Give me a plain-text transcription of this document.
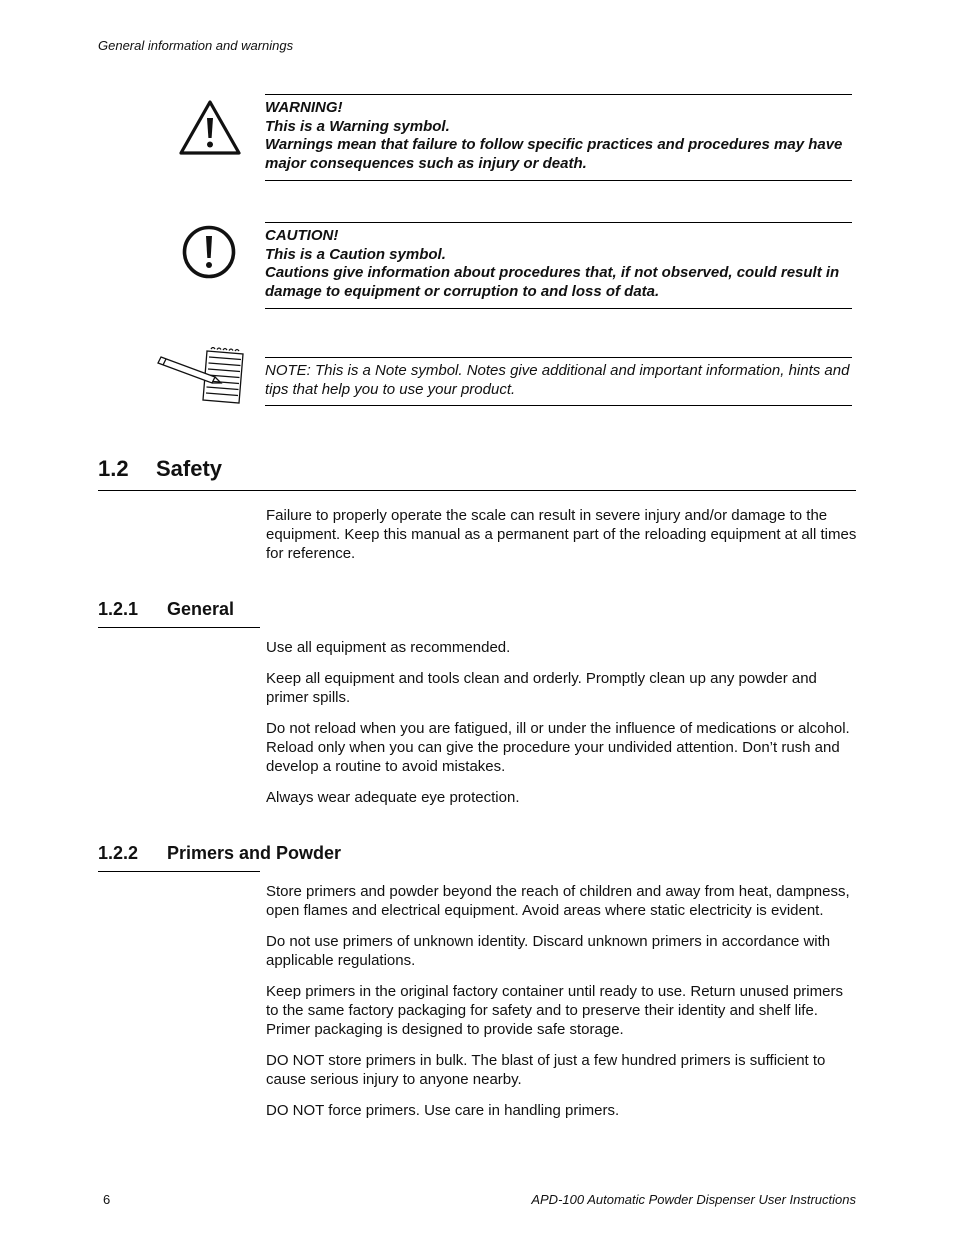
General information and warnings
WARNING!
This is a Warning symbol.
Warnings mean that failure to follow specific practices and procedures may have major consequences such as injury or death.
CAUTION!
This is a Caution symbol.
Cautions give information about procedures that, if not observed, could result in damage to equipment or corruption to and loss of data.
NOTE: This is a Note symbol. Notes give additional and important information, hints and tips that help you to use your product.
1.2 Safety

Failure to properly operate the scale can result in severe injury and/or damage to the equipment. Keep this manual as a permanent part of the reloading equipment at all times for reference.

1.2.1 General

Use all equipment as recommended.

Keep all equipment and tools clean and orderly. Promptly clean up any powder and primer spills.

Do not reload when you are fatigued, ill or under the influence of medications or alcohol. Reload only when you can give the procedure your undivided attention. Don’t rush and develop a routine to avoid mistakes.

Always wear adequate eye protection.

1.2.2 Primers and Powder

Store primers and powder beyond the reach of children and away from heat, dampness, open flames and electrical equipment. Avoid areas where static electricity is evident.

Do not use primers of unknown identity. Discard unknown primers in accordance with applicable regulations.

Keep primers in the original factory container until ready to use. Return unused primers to the same factory packaging for safety and to preserve their identity and shelf life. Primer packaging is designed to provide safe storage.

DO NOT store primers in bulk. The blast of just a few hundred primers is sufficient to cause serious injury to anyone nearby.

DO NOT force primers. Use care in handling primers.

6	APD-100 Automatic Powder Dispenser User Instructions
